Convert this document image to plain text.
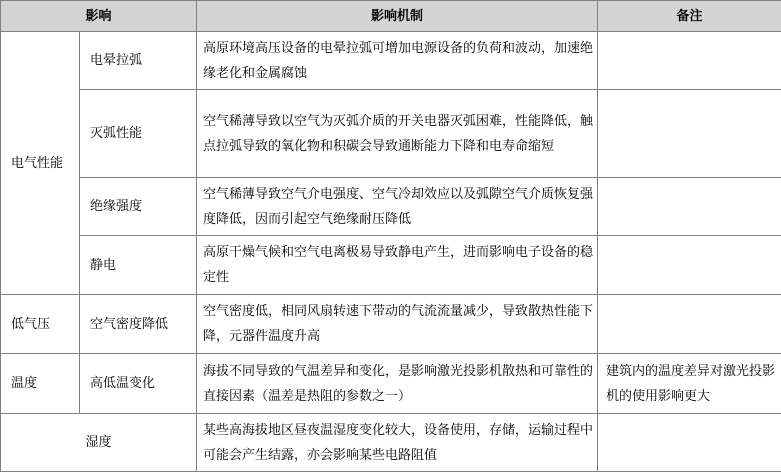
影响		影响机制	备注
电气性能	电晕拉弧	高原环境高压设备的电晕拉弧可增加电源设备的负荷和波动，加速绝缘老化和金属腐蚀	
	灭弧性能	空气稀薄导致以空气为灭弧介质的开关电器灭弧困难，性能降低，触点拉弧导致的氧化物和积碳会导致通断能力下降和电寿命缩短	
	绝缘强度	空气稀薄导致空气介电强度、空气冷却效应以及弧隙空气介质恢复强度降低，因而引起空气绝缘耐压降低	
	静电	高原干燥气候和空气电离极易导致静电产生，进而影响电子设备的稳定性	
低气压	空气密度降低	空气密度低，相同风扇转速下带动的气流流量减少，导致散热性能下降，元器件温度升高	
温度	高低温变化	海拔不同导致的气温差异和变化，是影响激光投影机散热和可靠性的直接因素（温差是热阻的参数之一）	建筑内的温度差异对激光投影机的使用影响更大
湿度		某些高海拔地区昼夜温湿度变化较大，设备使用，存储，运输过程中 可能会产生结露，亦会影响某些电路阻值	
